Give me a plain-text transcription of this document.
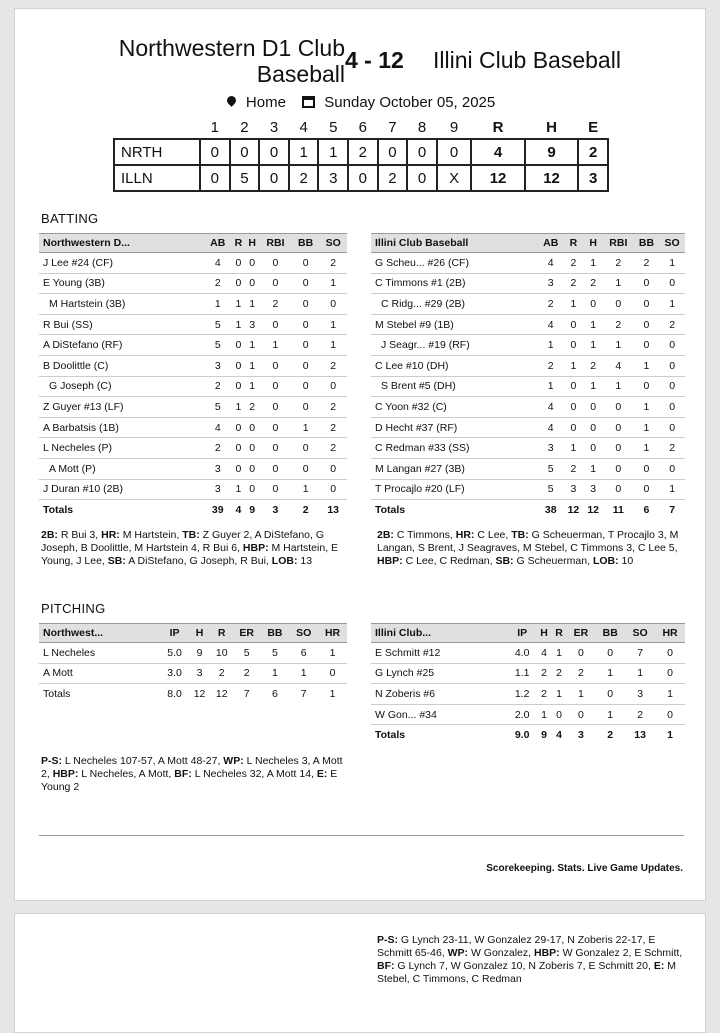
Northwestern D1 Club
Baseball
4 - 12 Illini Club Baseball
Home	Sunday October 05, 2025
	1	2	3	4	5	6	7	8	9	R	H	E
NRTH	0	0	0	1	1	2	0	0	0	4	9	2
ILLN	0	5	0	2	3	0	2	0	X	12	12	3
BATTING
Northwestern D...	AB	R	H	RBI	BB	SO
J Lee #24 (CF)	4	0	0	0	0	2
E Young (3B)	2	0	0	0	0	1
M Hartstein (3B)	1	1	1	2	0	0
R Bui (SS)	5	1	3	0	0	1
A DiStefano (RF)	5	0	1	1	0	1
B Doolittle (C)	3	0	1	0	0	2
G Joseph (C)	2	0	1	0	0	0
Z Guyer #13 (LF)	5	1	2	0	0	2
A Barbatsis (1B)	4	0	0	0	1	2
L Necheles (P)	2	0	0	0	0	2
A Mott (P)	3	0	0	0	0	0
J Duran #10 (2B)	3	1	0	0	1	0
Totals	39	4	9	3	2	13
Illini Club Baseball	AB	R	H	RBI	BB	SO
G Scheu... #26 (CF)	4	2	1	2	2	1
C Timmons #1 (2B)	3	2	2	1	0	0
C Ridg... #29 (2B)	2	1	0	0	0	1
M Stebel #9 (1B)	4	0	1	2	0	2
J Seagr... #19 (RF)	1	0	1	1	0	0
C Lee #10 (DH)	2	1	2	4	1	0
S Brent #5 (DH)	1	0	1	1	0	0
C Yoon #32 (C)	4	0	0	0	1	0
D Hecht #37 (RF)	4	0	0	0	1	0
C Redman #33 (SS)	3	1	0	0	1	2
M Langan #27 (3B)	5	2	1	0	0	0
T Procajlo #20 (LF)	5	3	3	0	0	1
Totals	38	12	12	11	6	7
2B: R Bui 3, HR: M Hartstein, TB: Z Guyer 2, A DiStefano, G Joseph, B Doolittle, M Hartstein 4, R Bui 6, HBP: M Hartstein, E Young, J Lee, SB: A DiStefano, G Joseph, R Bui, LOB: 13
2B: C Timmons, HR: C Lee, TB: G Scheuerman, T Procajlo 3, M Langan, S Brent, J Seagraves, M Stebel, C Timmons 3, C Lee 5, HBP: C Lee, C Redman, SB: G Scheuerman, LOB: 10
PITCHING
Northwest...	IP	H	R	ER	BB	SO	HR
L Necheles	5.0	9	10	5	5	6	1
A Mott	3.0	3	2	2	1	1	0
Totals	8.0	12	12	7	6	7	1
Illini Club...	IP	H	R	ER	BB	SO	HR
E Schmitt #12	4.0	4	1	0	0	7	0
G Lynch #25	1.1	2	2	2	1	1	0
N Zoberis #6	1.2	2	1	1	0	3	1
W Gon... #34	2.0	1	0	0	1	2	0
Totals	9.0	9	4	3	2	13	1
P-S: L Necheles 107-57, A Mott 48-27, WP: L Necheles 3, A Mott 2, HBP: L Necheles, A Mott, BF: L Necheles 32, A Mott 14, E: E Young 2
Scorekeeping. Stats. Live Game Updates.
P-S: G Lynch 23-11, W Gonzalez 29-17, N Zoberis 22-17, E Schmitt 65-46, WP: W Gonzalez, HBP: W Gonzalez 2, E Schmitt, BF: G Lynch 7, W Gonzalez 10, N Zoberis 7, E Schmitt 20, E: M Stebel, C Timmons, C Redman
